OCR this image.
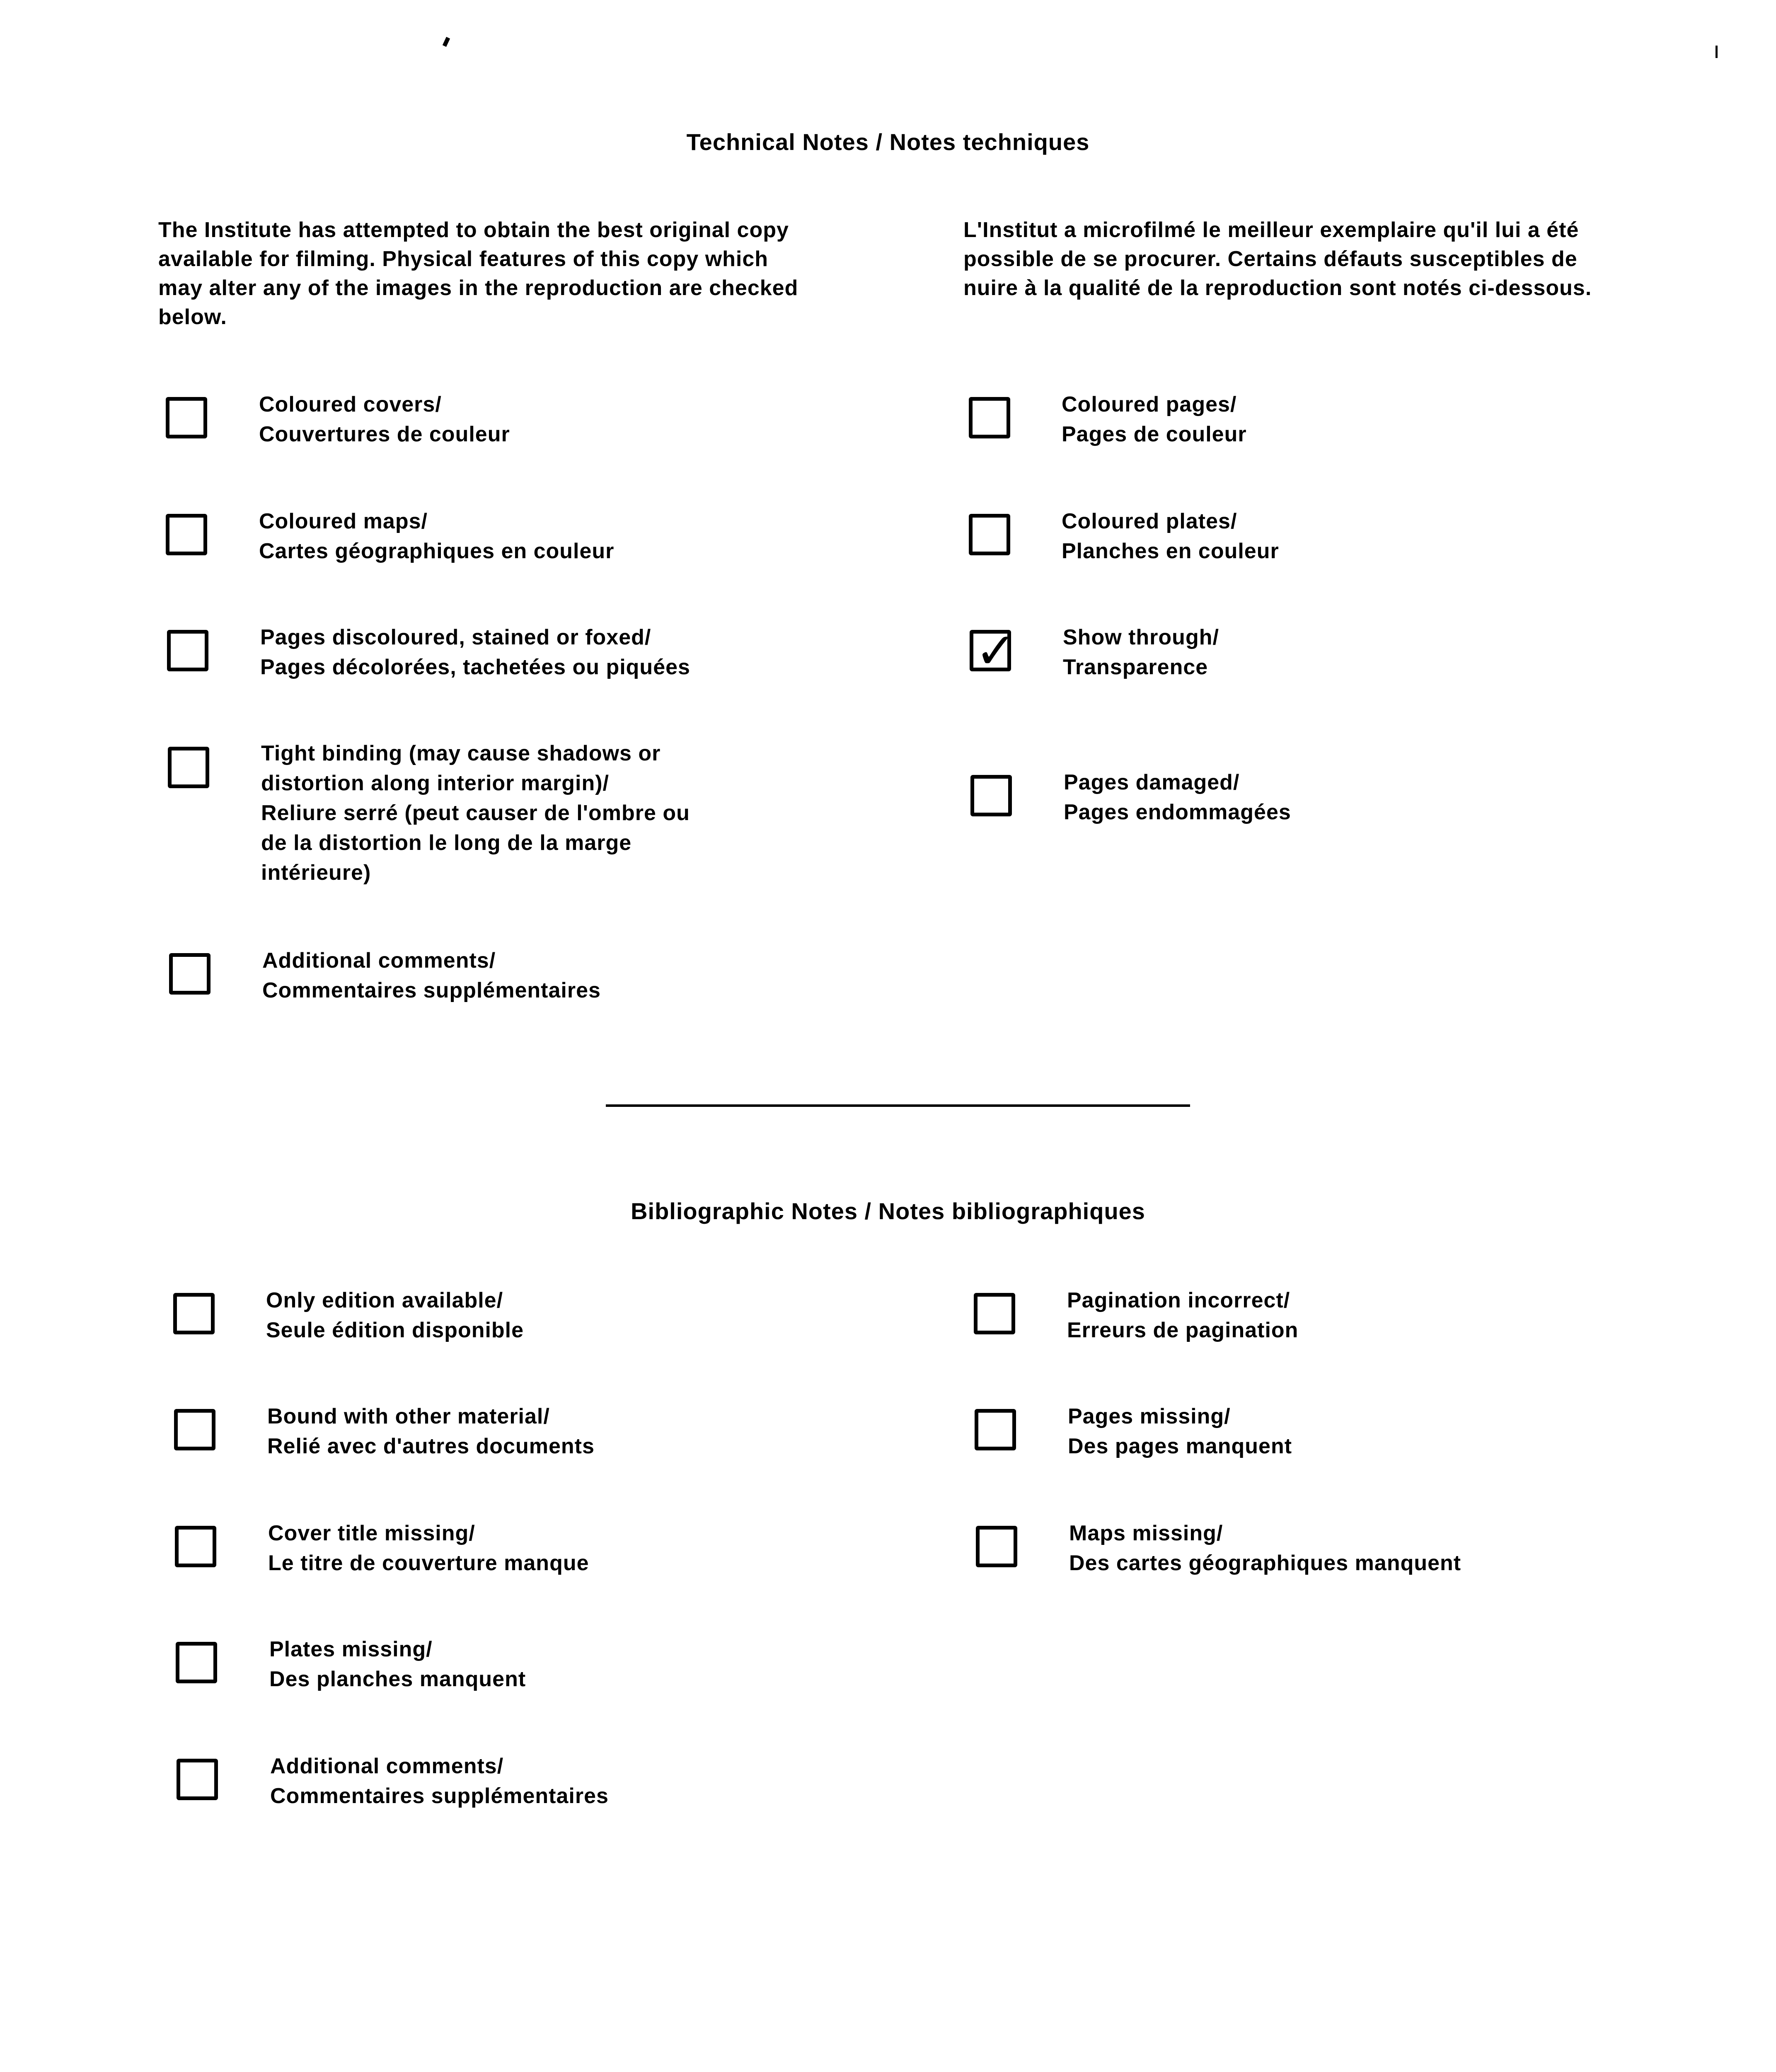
Technical Notes / Notes techniques
The Institute has attempted to obtain the best original copy available for filming. Physical features of this copy which may alter any of the images in the reproduction are checked below.
L'Institut a microfilmé le meilleur exemplaire qu'il lui a été possible de se procurer. Certains défauts susceptibles de nuire à la qualité de la reproduction sont notés ci-dessous.
Coloured covers/
Couvertures de couleur
Coloured pages/
Pages de couleur
Coloured maps/
Cartes géographiques en couleur
Coloured plates/
Planches en couleur
Pages discoloured, stained or foxed/
Pages décolorées, tachetées ou piquées	✓ Show through/
Transparence
Tight binding (may cause shadows or
distortion along interior margin)/
Reliure serré (peut causer de l'ombre ou
de la distortion le long de la marge
intérieure)
Pages damaged/
Pages endommagées
Additional comments/
Commentaires supplémentaires
Bibliographic Notes / Notes bibliographiques
Only edition available/
Seule édition disponible
Pagination incorrect/
Erreurs de pagination
Bound with other material/
Relié avec d'autres documents
Pages missing/
Des pages manquent
Cover title missing/
Le titre de couverture manque
Maps missing/
Des cartes géographiques manquent
Plates missing/
Des planches manquent
Additional comments/
Commentaires supplémentaires
